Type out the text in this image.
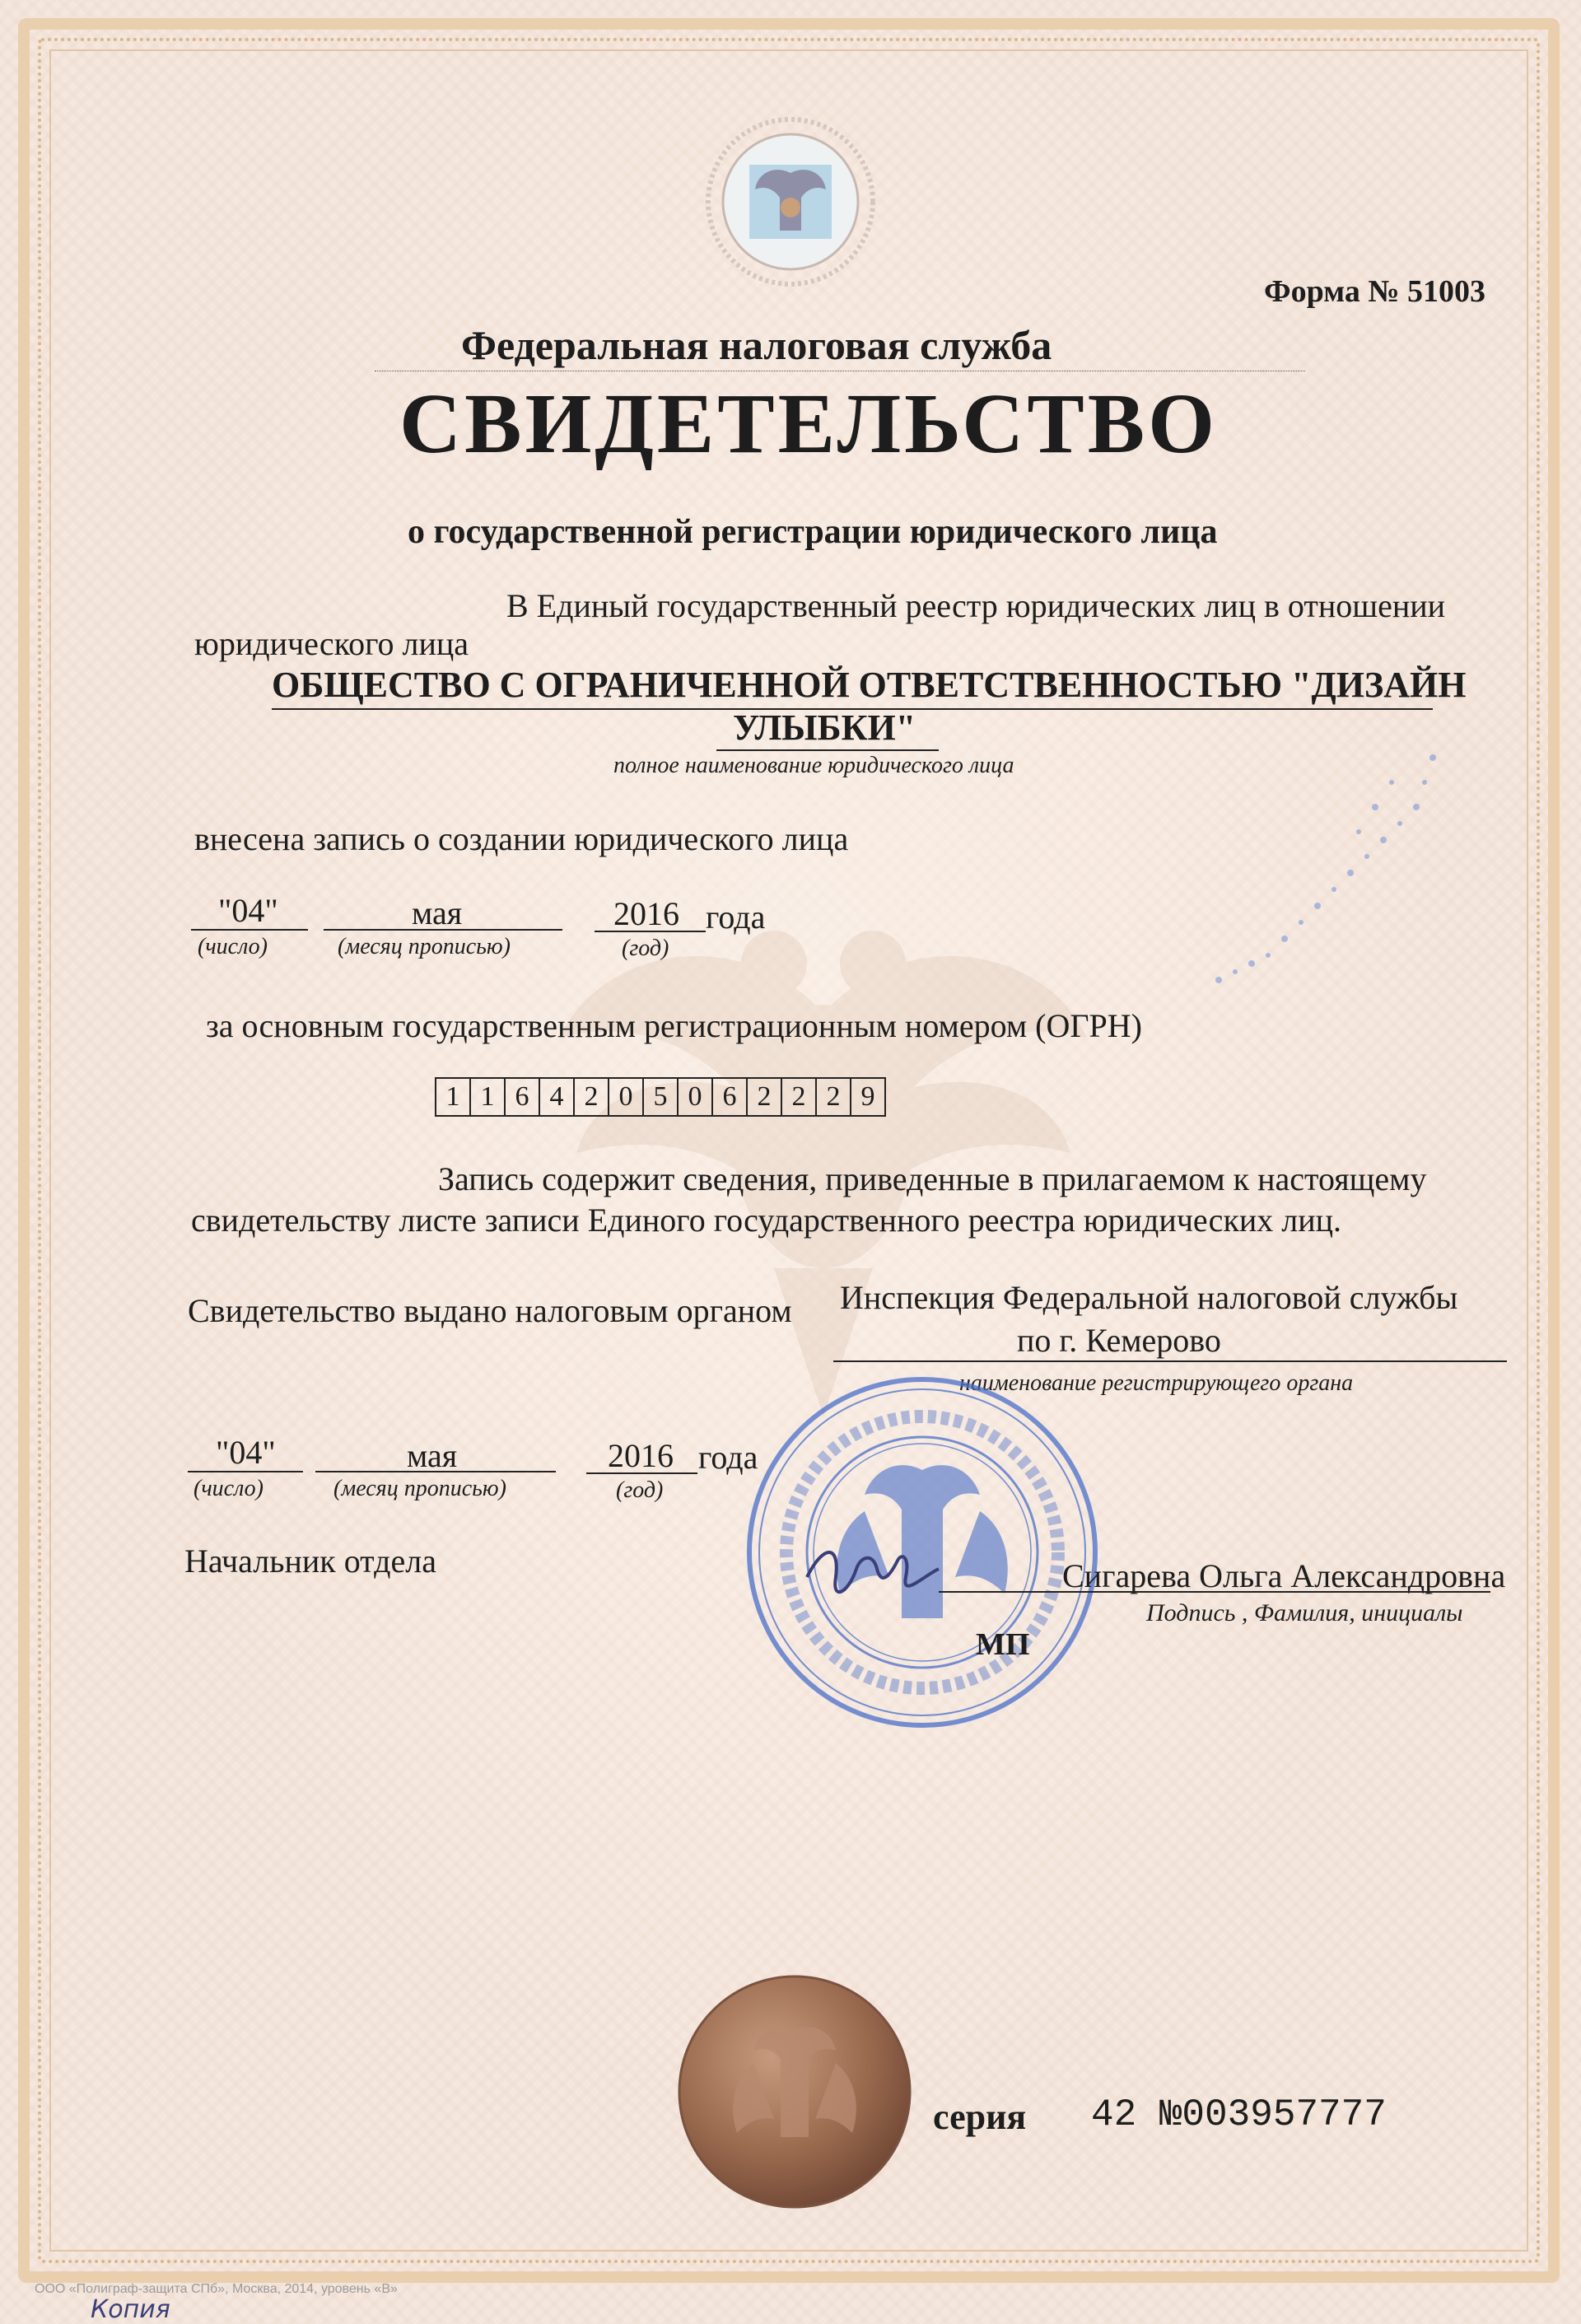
Форма № 51003
Федеральная налоговая служба
СВИДЕТЕЛЬСТВО
о государственной регистрации юридического лица
В Единый государственный реестр юридических лиц в отношении
юридического лица
ОБЩЕСТВО С ОГРАНИЧЕННОЙ ОТВЕТСТВЕННОСТЬЮ "ДИЗАЙН
УЛЫБКИ"
полное наименование юридического лица
внесена запись о создании юридического лица
"04"
(число)
мая
(месяц прописью)
2016 года
(год)
за основным государственным регистрационным номером (ОГРН)
1 1 6 4 2 0 5 0 6 2 2 2 9
Запись содержит сведения, приведенные в прилагаемом к настоящему
свидетельству листе записи Единого государственного реестра юридических лиц.
Свидетельство выдано налоговым органом Инспекция Федеральной налоговой службы
по г. Кемерово
наименование регистрирующего органа
"04"
(число)
мая
(месяц прописью)
2016 года
(год)
Начальник отдела	Сигарева Ольга Александровна
Подпись , Фамилия, инициалы
МП
серия 42 №003957777
ООО «Полиграф-защита СПб», Москва, 2014, уровень «В»
Копия
